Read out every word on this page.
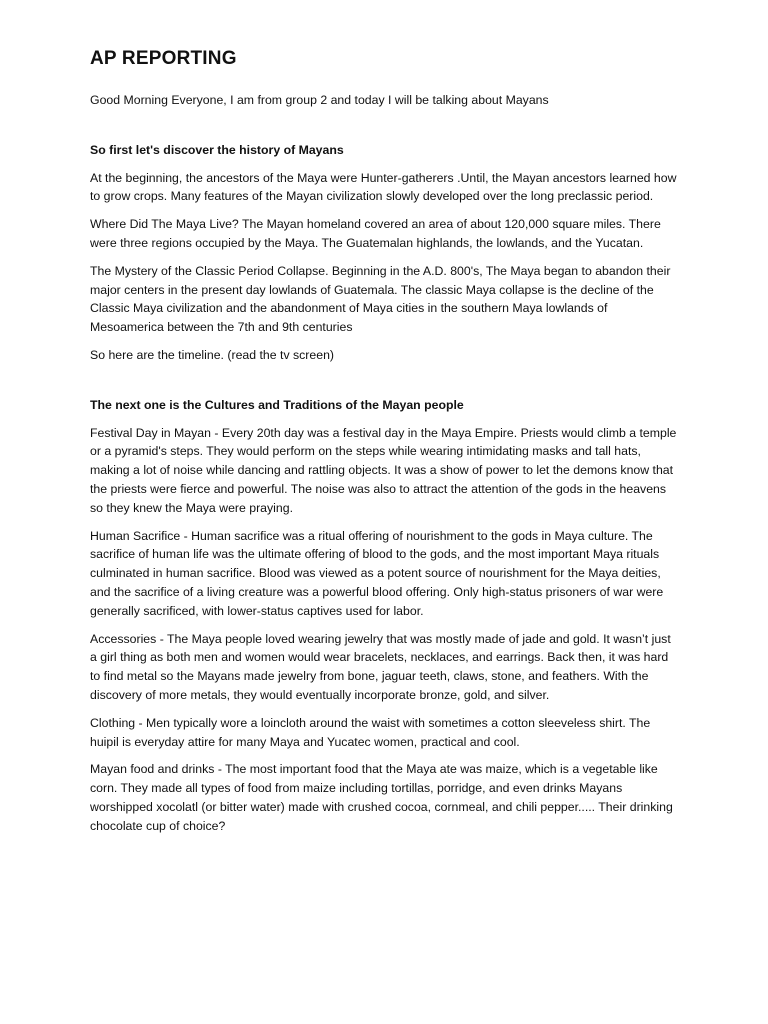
AP REPORTING

Good Morning Everyone, I am from group 2 and today I will be talking about Mayans

So first let's discover the history of Mayans

At the beginning, the ancestors of the Maya were Hunter-gatherers .Until, the Mayan ancestors learned how to grow crops. Many features of the Mayan civilization slowly developed over the long preclassic period.

Where Did The Maya Live? The Mayan homeland covered an area of about 120,000 square miles. There were three regions occupied by the Maya. The Guatemalan highlands, the lowlands, and the Yucatan.

The Mystery of the Classic Period Collapse. Beginning in the A.D. 800's, The Maya began to abandon their major centers in the present day lowlands of Guatemala. The classic Maya collapse is the decline of the Classic Maya civilization and the abandonment of Maya cities in the southern Maya lowlands of Mesoamerica between the 7th and 9th centuries

So here are the timeline. (read the tv screen)

The next one is the Cultures and Traditions of the Mayan people

Festival Day in Mayan - Every 20th day was a festival day in the Maya Empire. Priests would climb a temple or a pyramid's steps. They would perform on the steps while wearing intimidating masks and tall hats, making a lot of noise while dancing and rattling objects. It was a show of power to let the demons know that the priests were fierce and powerful. The noise was also to attract the attention of the gods in the heavens so they knew the Maya were praying.

Human Sacrifice - Human sacrifice was a ritual offering of nourishment to the gods in Maya culture. The sacrifice of human life was the ultimate offering of blood to the gods, and the most important Maya rituals culminated in human sacrifice. Blood was viewed as a potent source of nourishment for the Maya deities, and the sacrifice of a living creature was a powerful blood offering. Only high-status prisoners of war were generally sacrificed, with lower-status captives used for labor.

Accessories - The Maya people loved wearing jewelry that was mostly made of jade and gold. It wasn’t just a girl thing as both men and women would wear bracelets, necklaces, and earrings. Back then, it was hard to find metal so the Mayans made jewelry from bone, jaguar teeth, claws, stone, and feathers. With the discovery of more metals, they would eventually incorporate bronze, gold, and silver.

Clothing - Men typically wore a loincloth around the waist with sometimes a cotton sleeveless shirt. The huipil is everyday attire for many Maya and Yucatec women, practical and cool.

Mayan food and drinks - The most important food that the Maya ate was maize, which is a vegetable like corn. They made all types of food from maize including tortillas, porridge, and even drinks Mayans worshipped xocolatl (or bitter water) made with crushed cocoa, cornmeal, and chili pepper..... Their drinking chocolate cup of choice?
